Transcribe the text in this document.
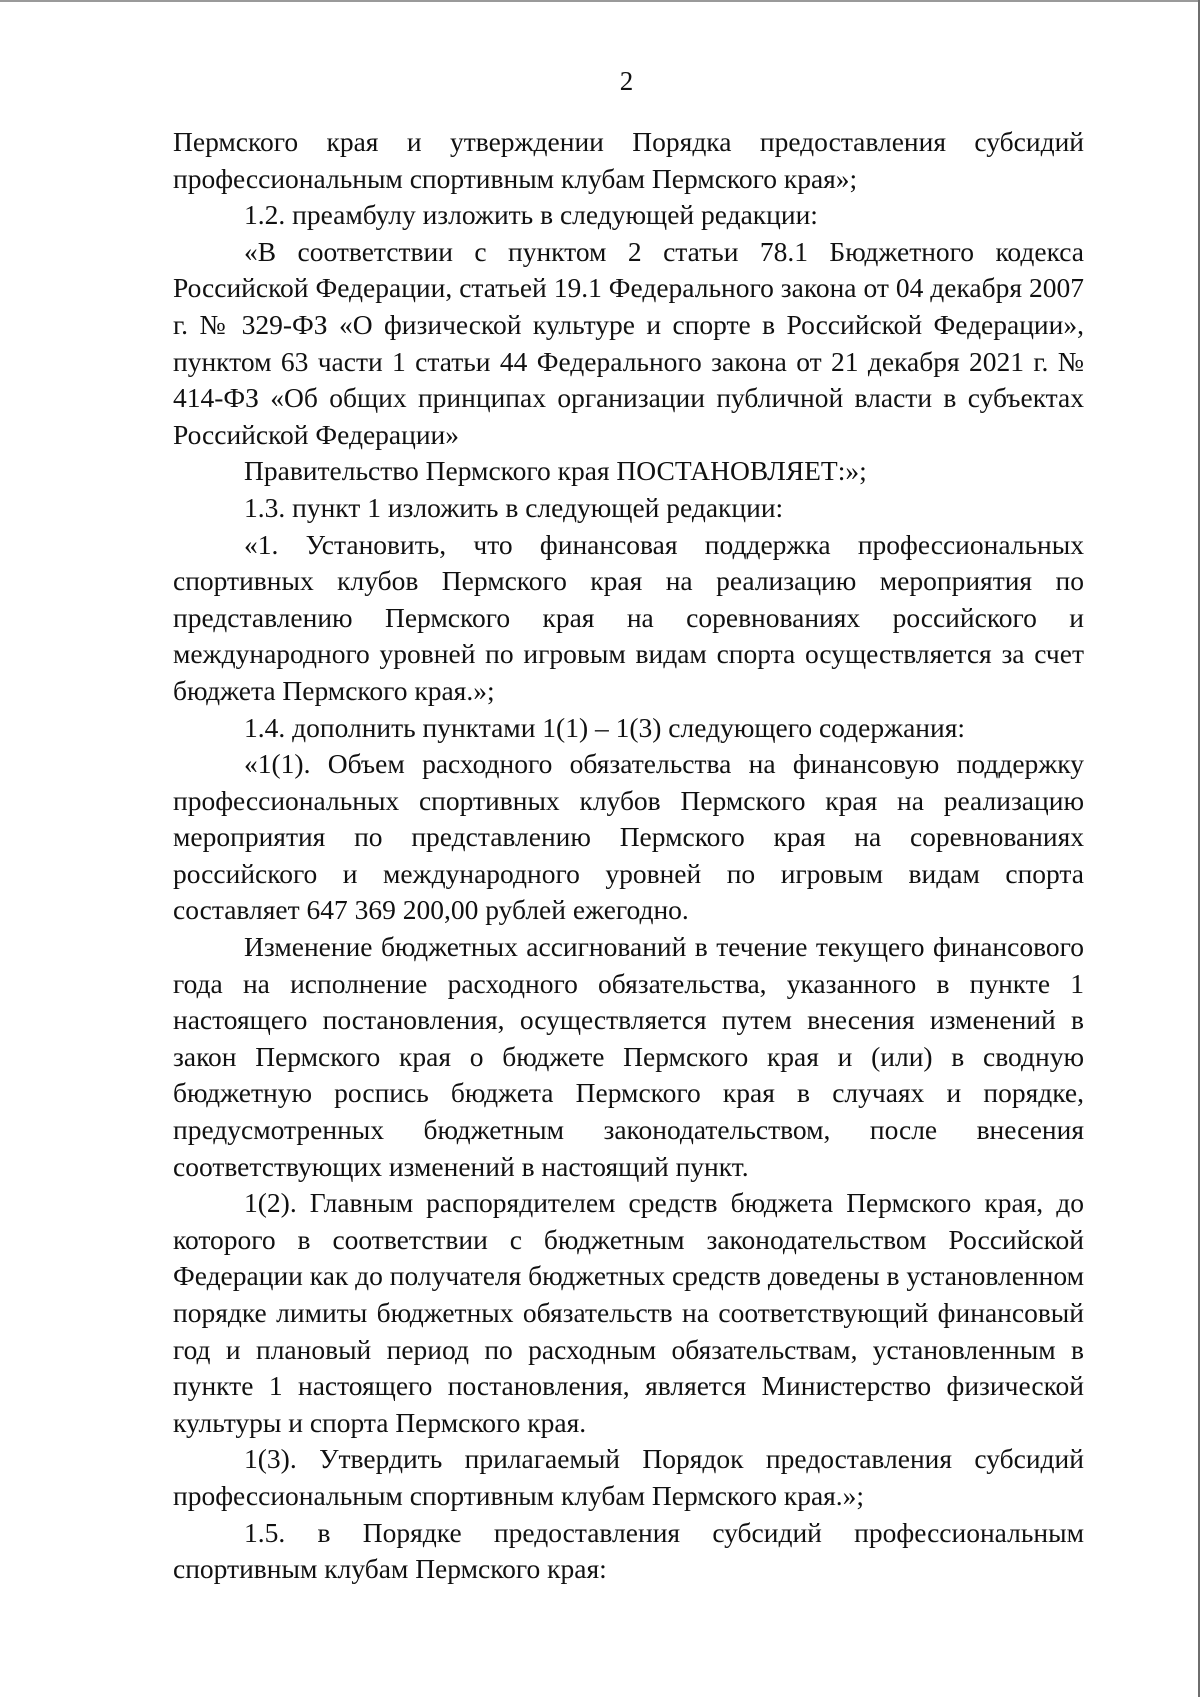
2

Пермского края и утверждении Порядка предоставления субсидий профессиональным спортивным клубам Пермского края»;

1.2. преамбулу изложить в следующей редакции:

«В соответствии с пунктом 2 статьи 78.1 Бюджетного кодекса Российской Федерации, статьей 19.1 Федерального закона от 04 декабря 2007 г. № 329-ФЗ «О физической культуре и спорте в Российской Федерации», пунктом 63 части 1 статьи 44 Федерального закона от 21 декабря 2021 г. № 414-ФЗ «Об общих принципах организации публичной власти в субъектах Российской Федерации»

Правительство Пермского края ПОСТАНОВЛЯЕТ:»;

1.3. пункт 1 изложить в следующей редакции:

«1. Установить, что финансовая поддержка профессиональных спортивных клубов Пермского края на реализацию мероприятия по представлению Пермского края на соревнованиях российского и международного уровней по игровым видам спорта осуществляется за счет бюджета Пермского края.»;

1.4. дополнить пунктами 1(1) – 1(3) следующего содержания:

«1(1). Объем расходного обязательства на финансовую поддержку профессиональных спортивных клубов Пермского края на реализацию мероприятия по представлению Пермского края на соревнованиях российского и международного уровней по игровым видам спорта составляет 647 369 200,00 рублей ежегодно.

Изменение бюджетных ассигнований в течение текущего финансового года на исполнение расходного обязательства, указанного в пункте 1 настоящего постановления, осуществляется путем внесения изменений в закон Пермского края о бюджете Пермского края и (или) в сводную бюджетную роспись бюджета Пермского края в случаях и порядке, предусмотренных бюджетным законодательством, после внесения соответствующих изменений в настоящий пункт.

1(2). Главным распорядителем средств бюджета Пермского края, до которого в соответствии с бюджетным законодательством Российской Федерации как до получателя бюджетных средств доведены в установленном порядке лимиты бюджетных обязательств на соответствующий финансовый год и плановый период по расходным обязательствам, установленным в пункте 1 настоящего постановления, является Министерство физической культуры и спорта Пермского края.

1(3). Утвердить прилагаемый Порядок предоставления субсидий профессиональным спортивным клубам Пермского края.»;

1.5. в Порядке предоставления субсидий профессиональным спортивным клубам Пермского края:
